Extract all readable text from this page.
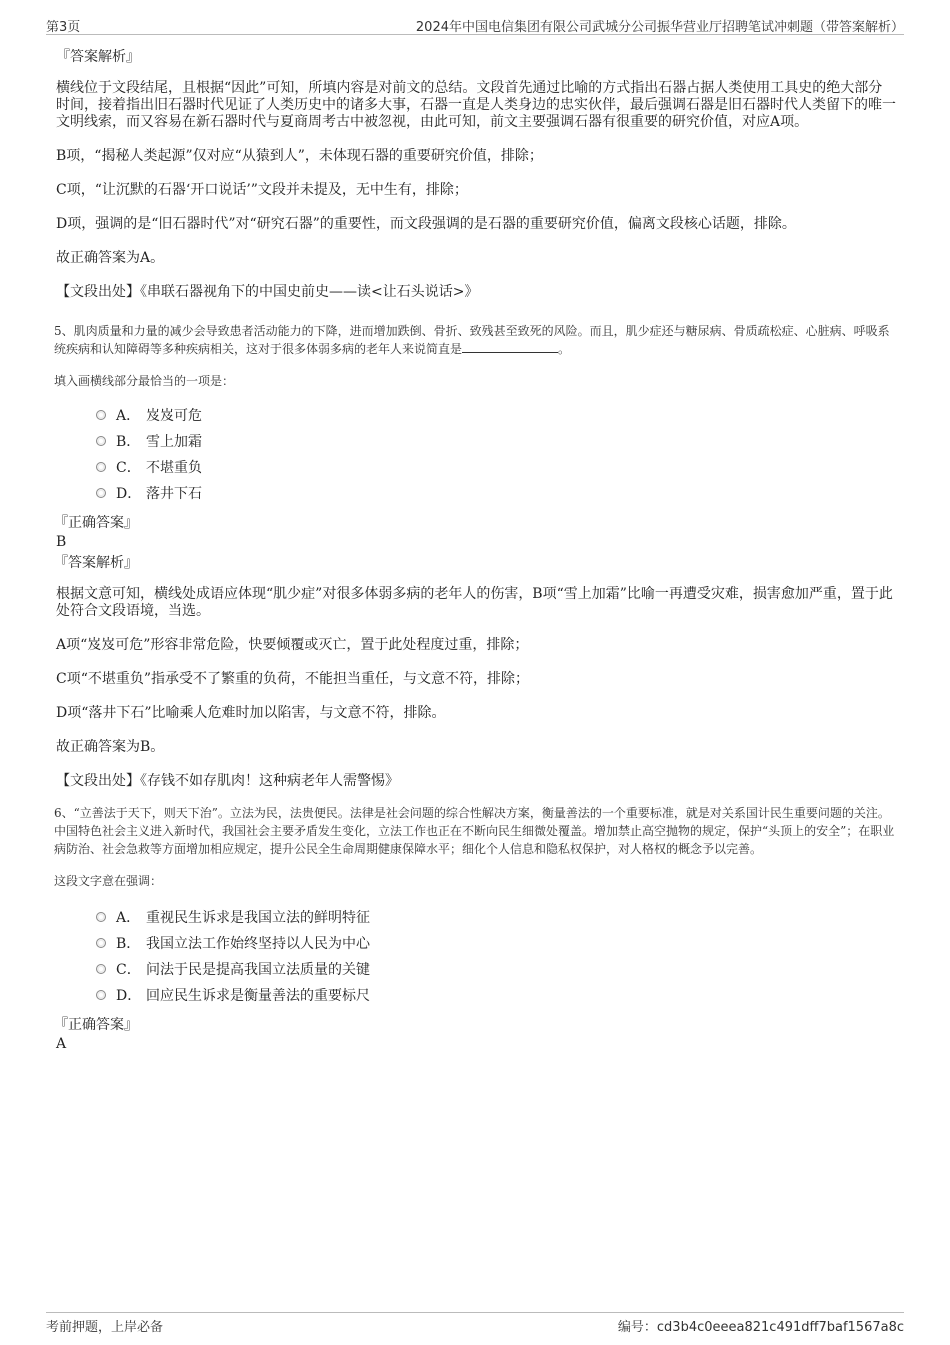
第3页	2024年中国电信集团有限公司武城分公司振华营业厅招聘笔试冲刺题（带答案解析）

『答案解析』

横线位于文段结尾，且根据“因此”可知，所填内容是对前文的总结。文段首先通过比喻的方式指出石器占据人类使用工具史的绝大部分时间，接着指出旧石器时代见证了人类历史中的诸多大事，石器一直是人类身边的忠实伙伴，最后强调石器是旧石器时代人类留下的唯一文明线索，而又容易在新石器时代与夏商周考古中被忽视，由此可知，前文主要强调石器有很重要的研究价值，对应A项。

B项，“揭秘人类起源”仅对应“从猿到人”，未体现石器的重要研究价值，排除；

C项，“让沉默的石器‘开口说话’”文段并未提及，无中生有，排除；

D项，强调的是“旧石器时代”对“研究石器”的重要性，而文段强调的是石器的重要研究价值，偏离文段核心话题，排除。

故正确答案为A。

【文段出处】《串联石器视角下的中国史前史——读<让石头说话>》

5、肌肉质量和力量的减少会导致患者活动能力的下降，进而增加跌倒、骨折、致残甚至致死的风险。而且，肌少症还与糖尿病、骨质疏松症、心脏病、呼吸系统疾病和认知障碍等多种疾病相关，这对于很多体弱多病的老年人来说简直是	。

填入画横线部分最恰当的一项是：

A． 岌岌可危
B． 雪上加霜
C． 不堪重负
D． 落井下石

『正确答案』

B

『答案解析』

根据文意可知，横线处成语应体现“肌少症”对很多体弱多病的老年人的伤害，B项“雪上加霜”比喻一再遭受灾难，损害愈加严重，置于此处符合文段语境，当选。

A项“岌岌可危”形容非常危险，快要倾覆或灭亡，置于此处程度过重，排除；

C项“不堪重负”指承受不了繁重的负荷，不能担当重任，与文意不符，排除；

D项“落井下石”比喻乘人危难时加以陷害，与文意不符，排除。

故正确答案为B。

【文段出处】《存钱不如存肌肉！这种病老年人需警惕》

6、“立善法于天下，则天下治”。立法为民，法贵便民。法律是社会问题的综合性解决方案，衡量善法的一个重要标准，就是对关系国计民生重要问题的关注。中国特色社会主义进入新时代，我国社会主要矛盾发生变化，立法工作也正在不断向民生细微处覆盖。增加禁止高空抛物的规定，保护“头顶上的安全”；在职业病防治、社会急救等方面增加相应规定，提升公民全生命周期健康保障水平；细化个人信息和隐私权保护，对人格权的概念予以完善。

这段文字意在强调：

A． 重视民生诉求是我国立法的鲜明特征
B． 我国立法工作始终坚持以人民为中心
C． 问法于民是提高我国立法质量的关键
D． 回应民生诉求是衡量善法的重要标尺

『正确答案』

A

考前押题，上岸必备	编号：cd3b4c0eeea821c491dff7baf1567a8c
